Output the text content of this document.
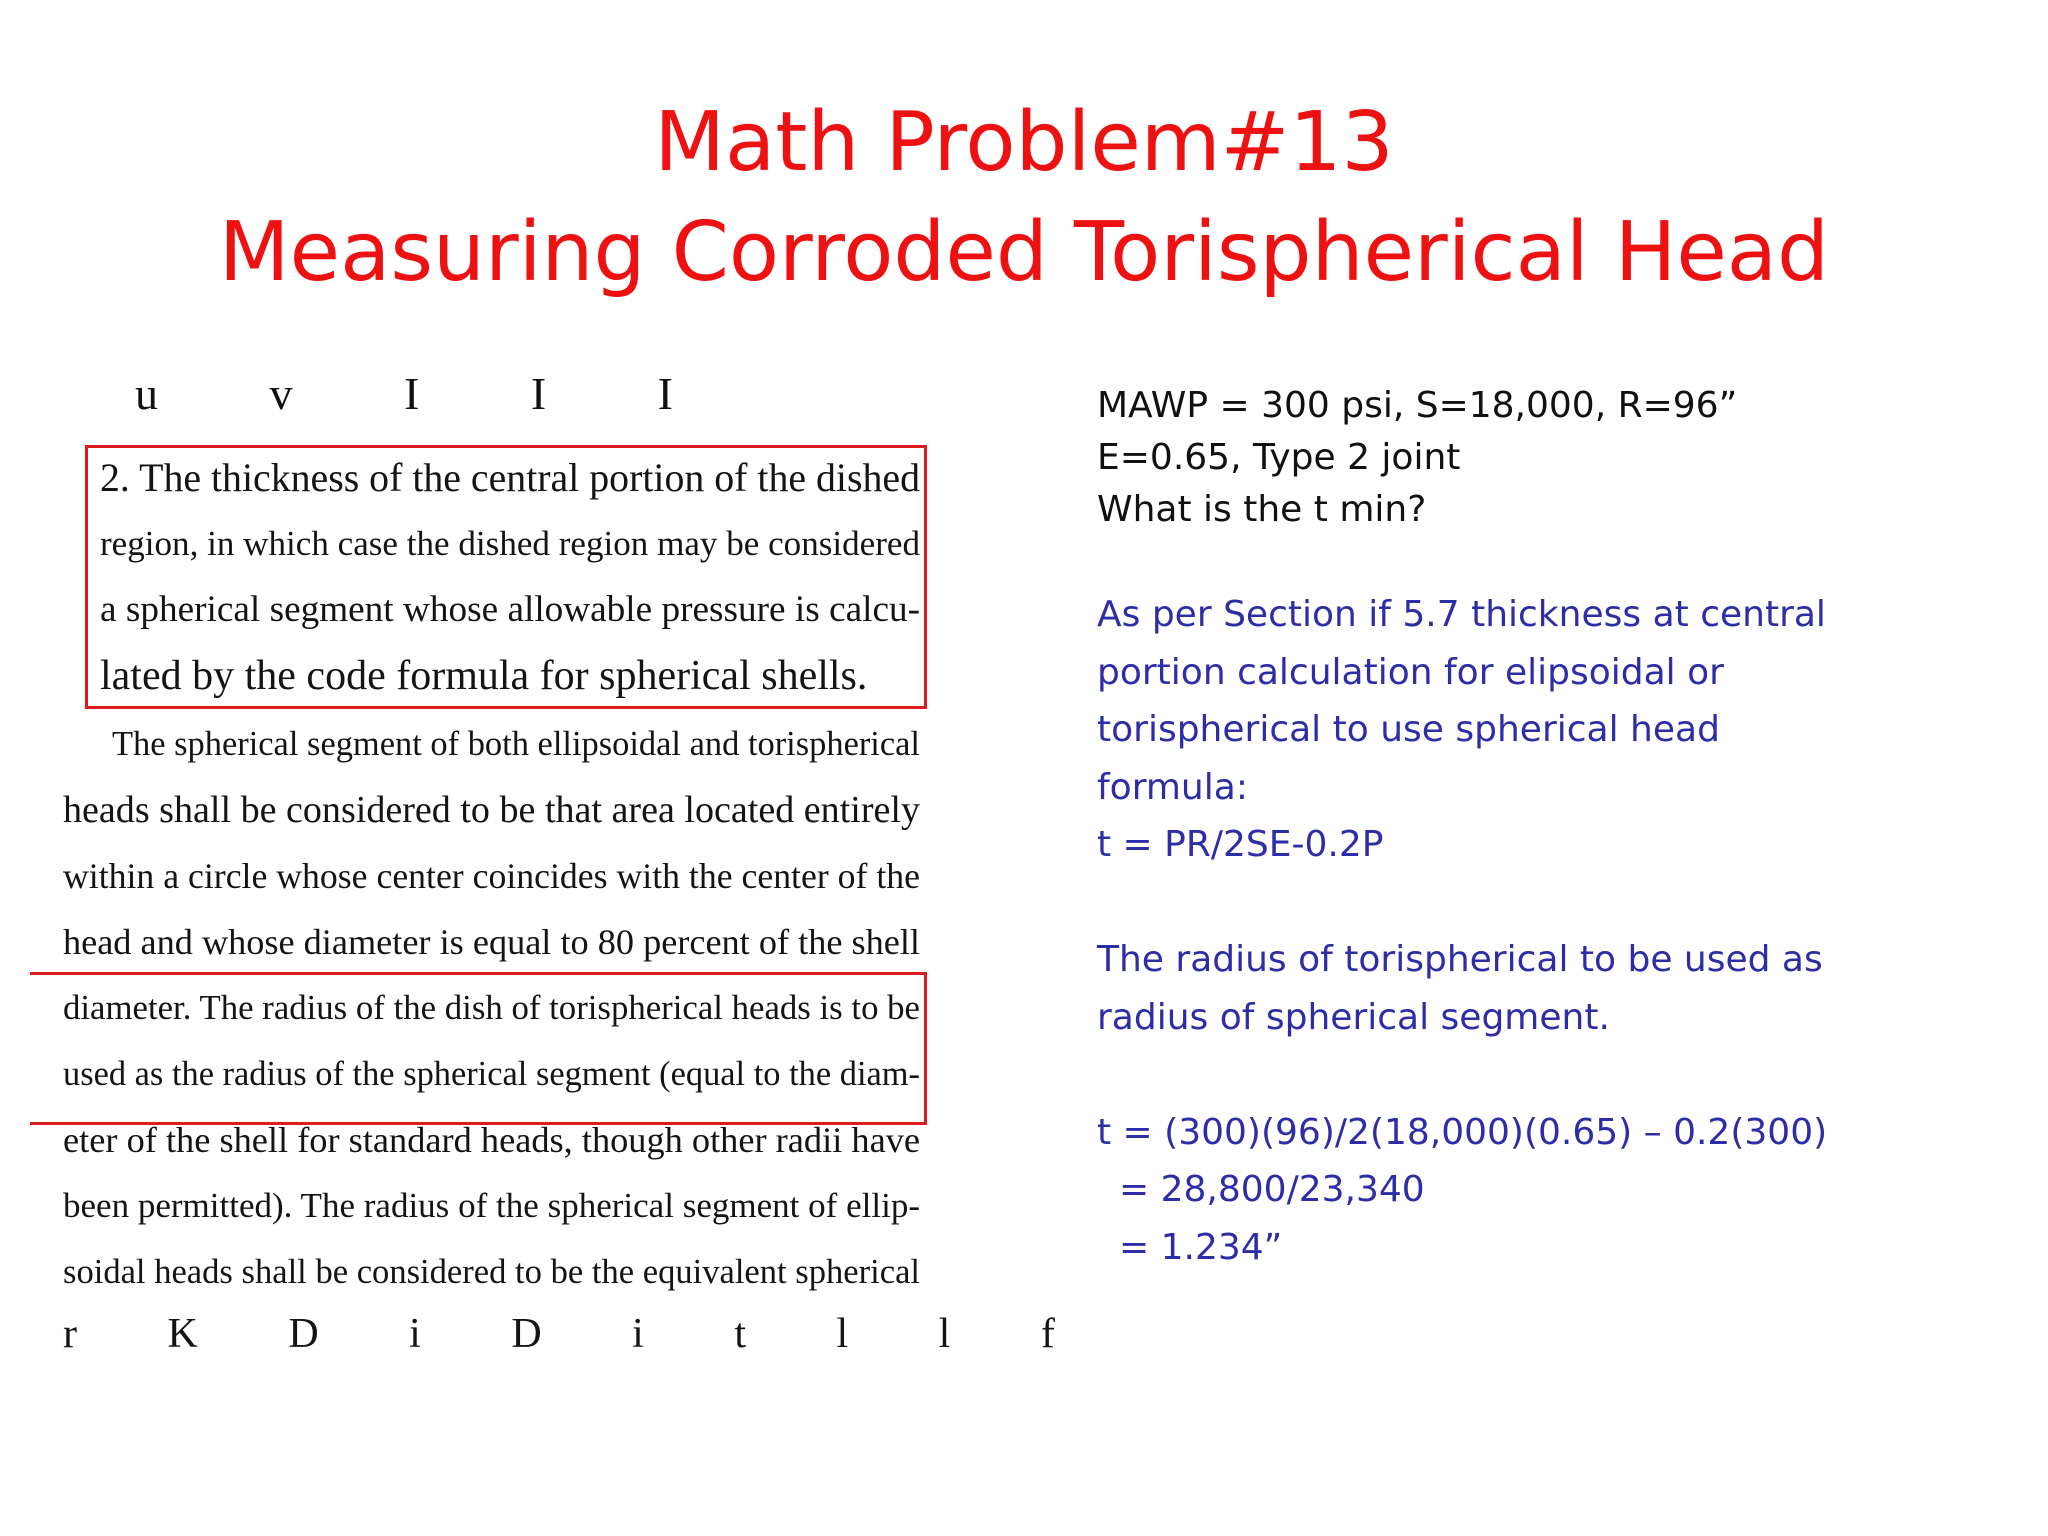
Math Problem#13
Measuring Corroded Torispherical Head
u v I I I
2. The thickness of the central portion of the dished
region, in which case the dished region may be considered
a spherical segment whose allowable pressure is calcu-
lated by the code formula for spherical shells.
The spherical segment of both ellipsoidal and torispherical
heads shall be considered to be that area located entirely
within a circle whose center coincides with the center of the
head and whose diameter is equal to 80 percent of the shell
diameter. The radius of the dish of torispherical heads is to be
used as the radius of the spherical segment (equal to the diam-
eter of the shell for standard heads, though other radii have
been permitted). The radius of the spherical segment of ellip-
soidal heads shall be considered to be the equivalent spherical
r K D i D i t l l f
MAWP = 300 psi, S=18,000, R=96”
E=0.65, Type 2 joint
What is the t min?
As per Section if 5.7 thickness at central
portion calculation for elipsoidal or
torispherical to use spherical head
formula:
t = PR/2SE-0.2P
The radius of torispherical to be used as
radius of spherical segment.
t = (300)(96)/2(18,000)(0.65) – 0.2(300)
= 28,800/23,340
= 1.234”
